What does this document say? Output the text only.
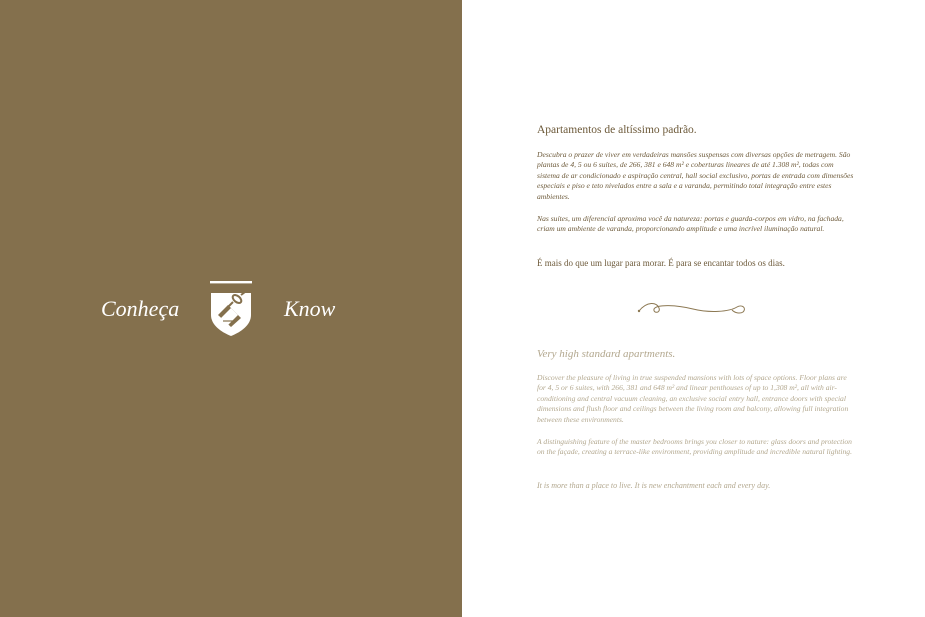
Conheça	Know
Apartamentos de altíssimo padrão.

Descubra o prazer de viver em verdadeiras mansões suspensas com diversas opções de metragem. São plantas de 4, 5 ou 6 suítes, de 266, 381 e 648 m² e coberturas lineares de até 1.308 m², todas com sistema de ar condicionado e aspiração central, hall social exclusivo, portas de entrada com dimensões especiais e piso e teto nivelados entre a sala e a varanda, permitindo total integração entre estes ambientes.

Nas suítes, um diferencial aproxima você da natureza: portas e guarda-corpos em vidro, na fachada, criam um ambiente de varanda, proporcionando amplitude e uma incrível iluminação natural.

É mais do que um lugar para morar. É para se encantar todos os dias.
Very high standard apartments.

Discover the pleasure of living in true suspended mansions with lots of space options. Floor plans are for 4, 5 or 6 suites, with 266, 381 and 648 m² and linear penthouses of up to 1,308 m², all with air-conditioning and central vacuum cleaning, an exclusive social entry hall, entrance doors with special dimensions and flush floor and ceilings between the living room and balcony, allowing full integration between these environments.

A distinguishing feature of the master bedrooms brings you closer to nature: glass doors and protection on the façade, creating a terrace-like environment, providing amplitude and incredible natural lighting.

It is more than a place to live. It is new enchantment each and every day.
